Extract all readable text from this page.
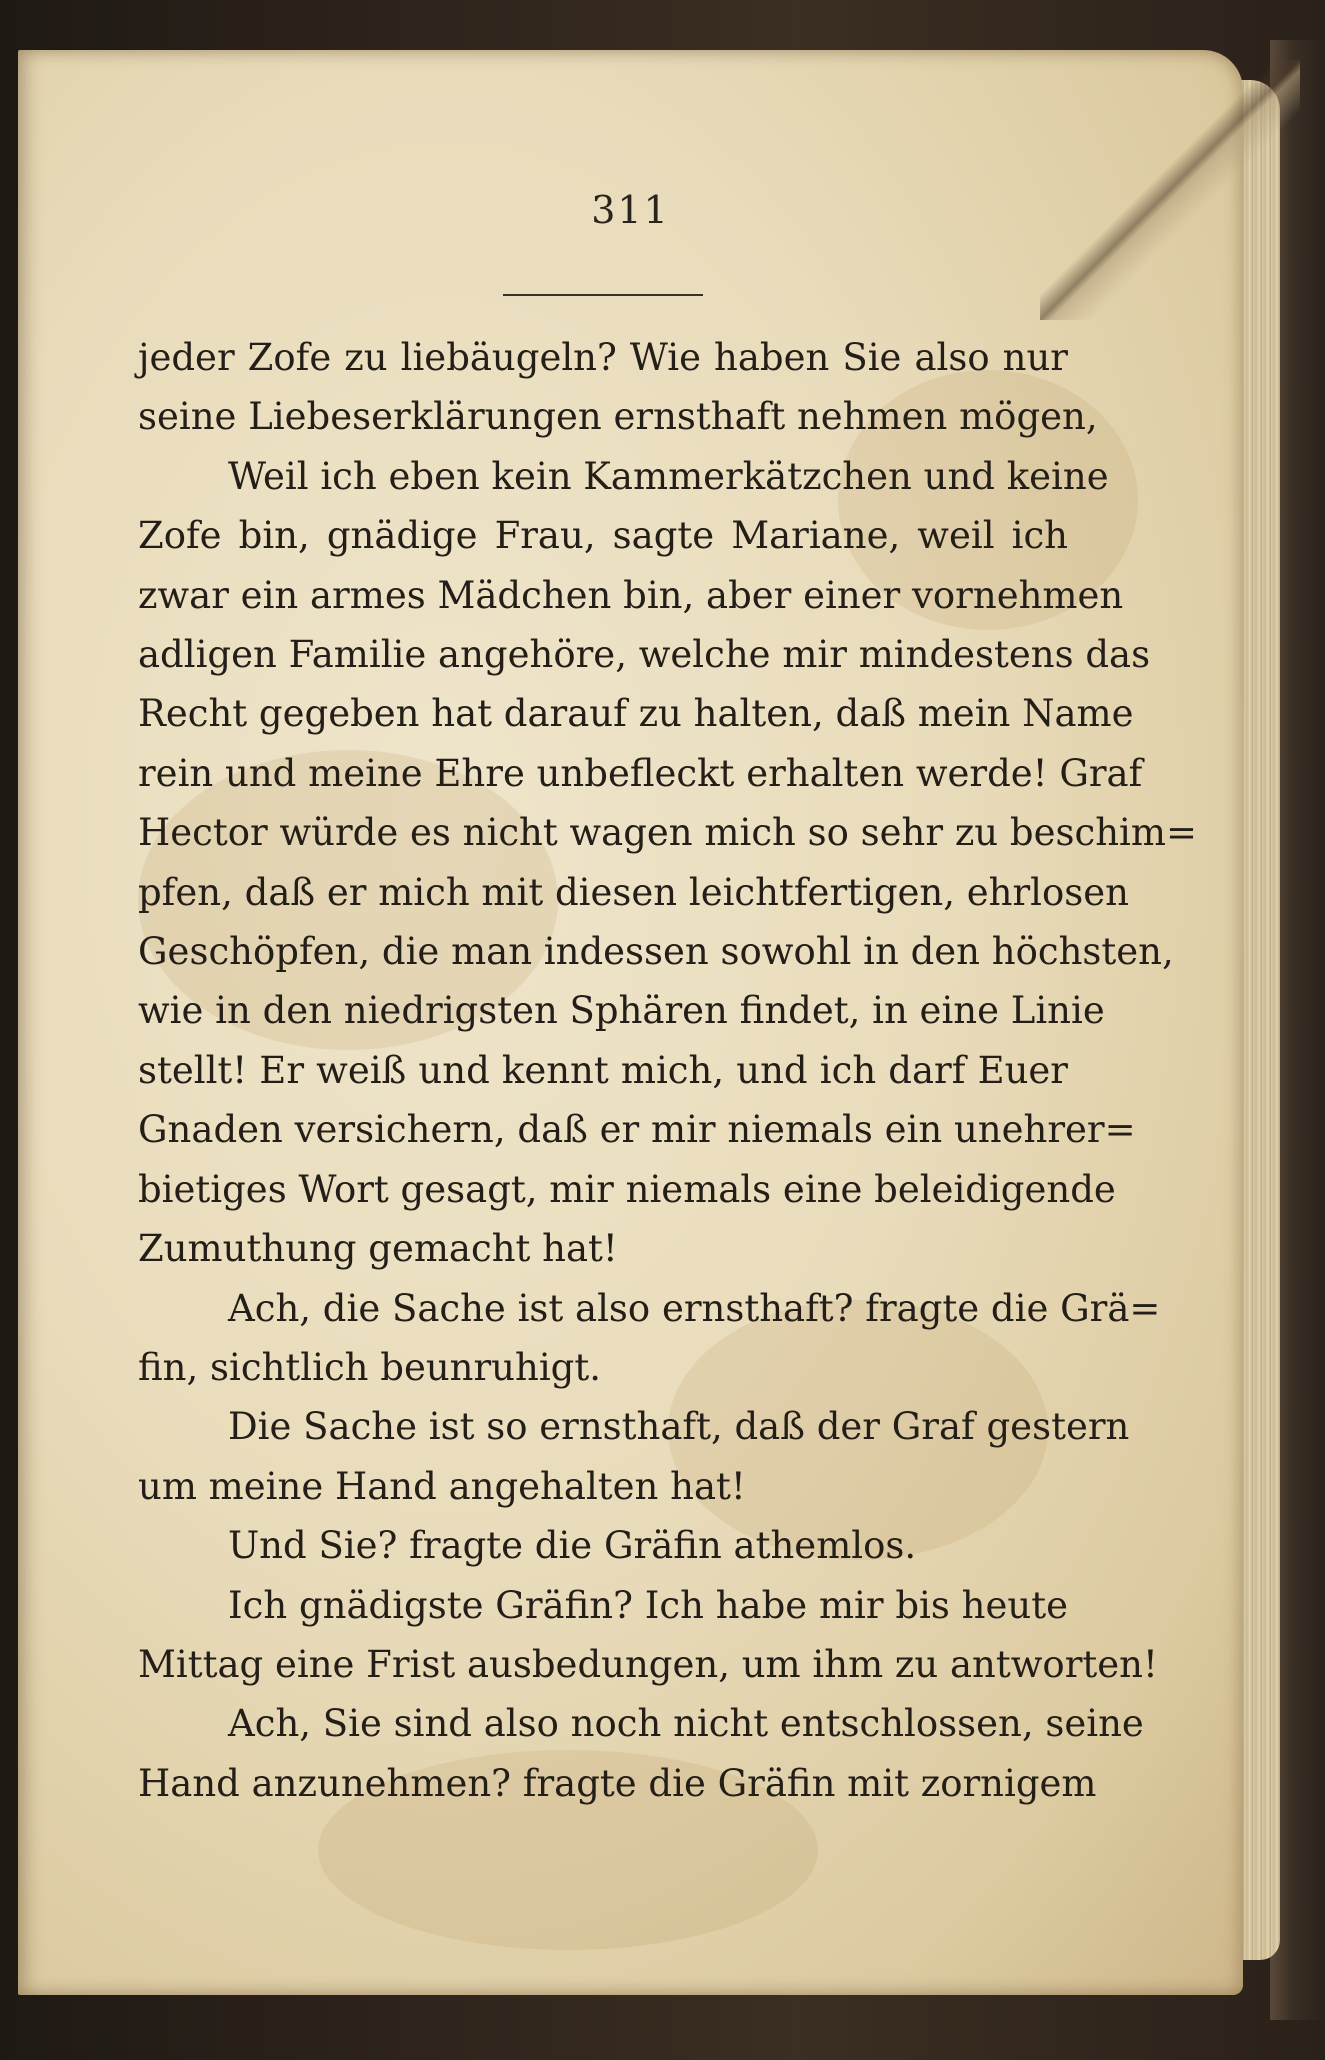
311
jeder Zofe zu liebäugeln? Wie haben Sie also nur
seine Liebeserklärungen ernsthaft nehmen mögen,
Weil ich eben kein Kammerkätzchen und keine
Zofe bin, gnädige Frau, sagte Mariane, weil ich
zwar ein armes Mädchen bin, aber einer vornehmen
adligen Familie angehöre, welche mir mindestens das
Recht gegeben hat darauf zu halten, daß mein Name
rein und meine Ehre unbefleckt erhalten werde! Graf
Hector würde es nicht wagen mich so sehr zu beschim=
pfen, daß er mich mit diesen leichtfertigen, ehrlosen
Geschöpfen, die man indessen sowohl in den höchsten,
wie in den niedrigsten Sphären findet, in eine Linie
stellt! Er weiß und kennt mich, und ich darf Euer
Gnaden versichern, daß er mir niemals ein unehrer=
bietiges Wort gesagt, mir niemals eine beleidigende
Zumuthung gemacht hat!
Ach, die Sache ist also ernsthaft? fragte die Grä=
fin, sichtlich beunruhigt.
Die Sache ist so ernsthaft, daß der Graf gestern
um meine Hand angehalten hat!
Und Sie? fragte die Gräfin athemlos.
Ich gnädigste Gräfin? Ich habe mir bis heute
Mittag eine Frist ausbedungen, um ihm zu antworten!
Ach, Sie sind also noch nicht entschlossen, seine
Hand anzunehmen? fragte die Gräfin mit zornigem
